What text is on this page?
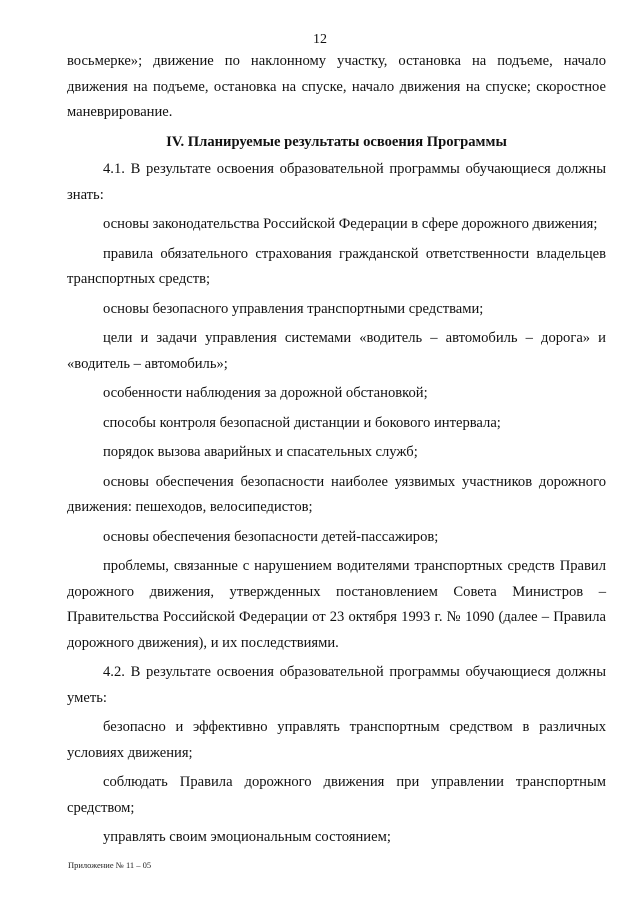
12

восьмерке»; движение по наклонному участку, остановка на подъеме, начало движения на подъеме, остановка на спуске, начало движения на спуске; скоростное маневрирование.

IV. Планируемые результаты освоения Программы

4.1. В результате освоения образовательной программы обучающиеся должны знать:

основы законодательства Российской Федерации в сфере дорожного движения;

правила обязательного страхования гражданской ответственности владельцев транспортных средств;

основы безопасного управления транспортными средствами;

цели и задачи управления системами «водитель – автомобиль – дорога» и «водитель – автомобиль»;

особенности наблюдения за дорожной обстановкой;

способы контроля безопасной дистанции и бокового интервала;

порядок вызова аварийных и спасательных служб;

основы обеспечения безопасности наиболее уязвимых участников дорожного движения: пешеходов, велосипедистов;

основы обеспечения безопасности детей-пассажиров;

проблемы, связанные с нарушением водителями транспортных средств Правил дорожного движения, утвержденных постановлением Совета Министров – Правительства Российской Федерации от 23 октября 1993 г. № 1090 (далее – Правила дорожного движения), и их последствиями.

4.2. В результате освоения образовательной программы обучающиеся должны уметь:

безопасно и эффективно управлять транспортным средством в различных условиях движения;

соблюдать Правила дорожного движения при управлении транспортным средством;

управлять своим эмоциональным состоянием;

Приложение № 11 – 05
